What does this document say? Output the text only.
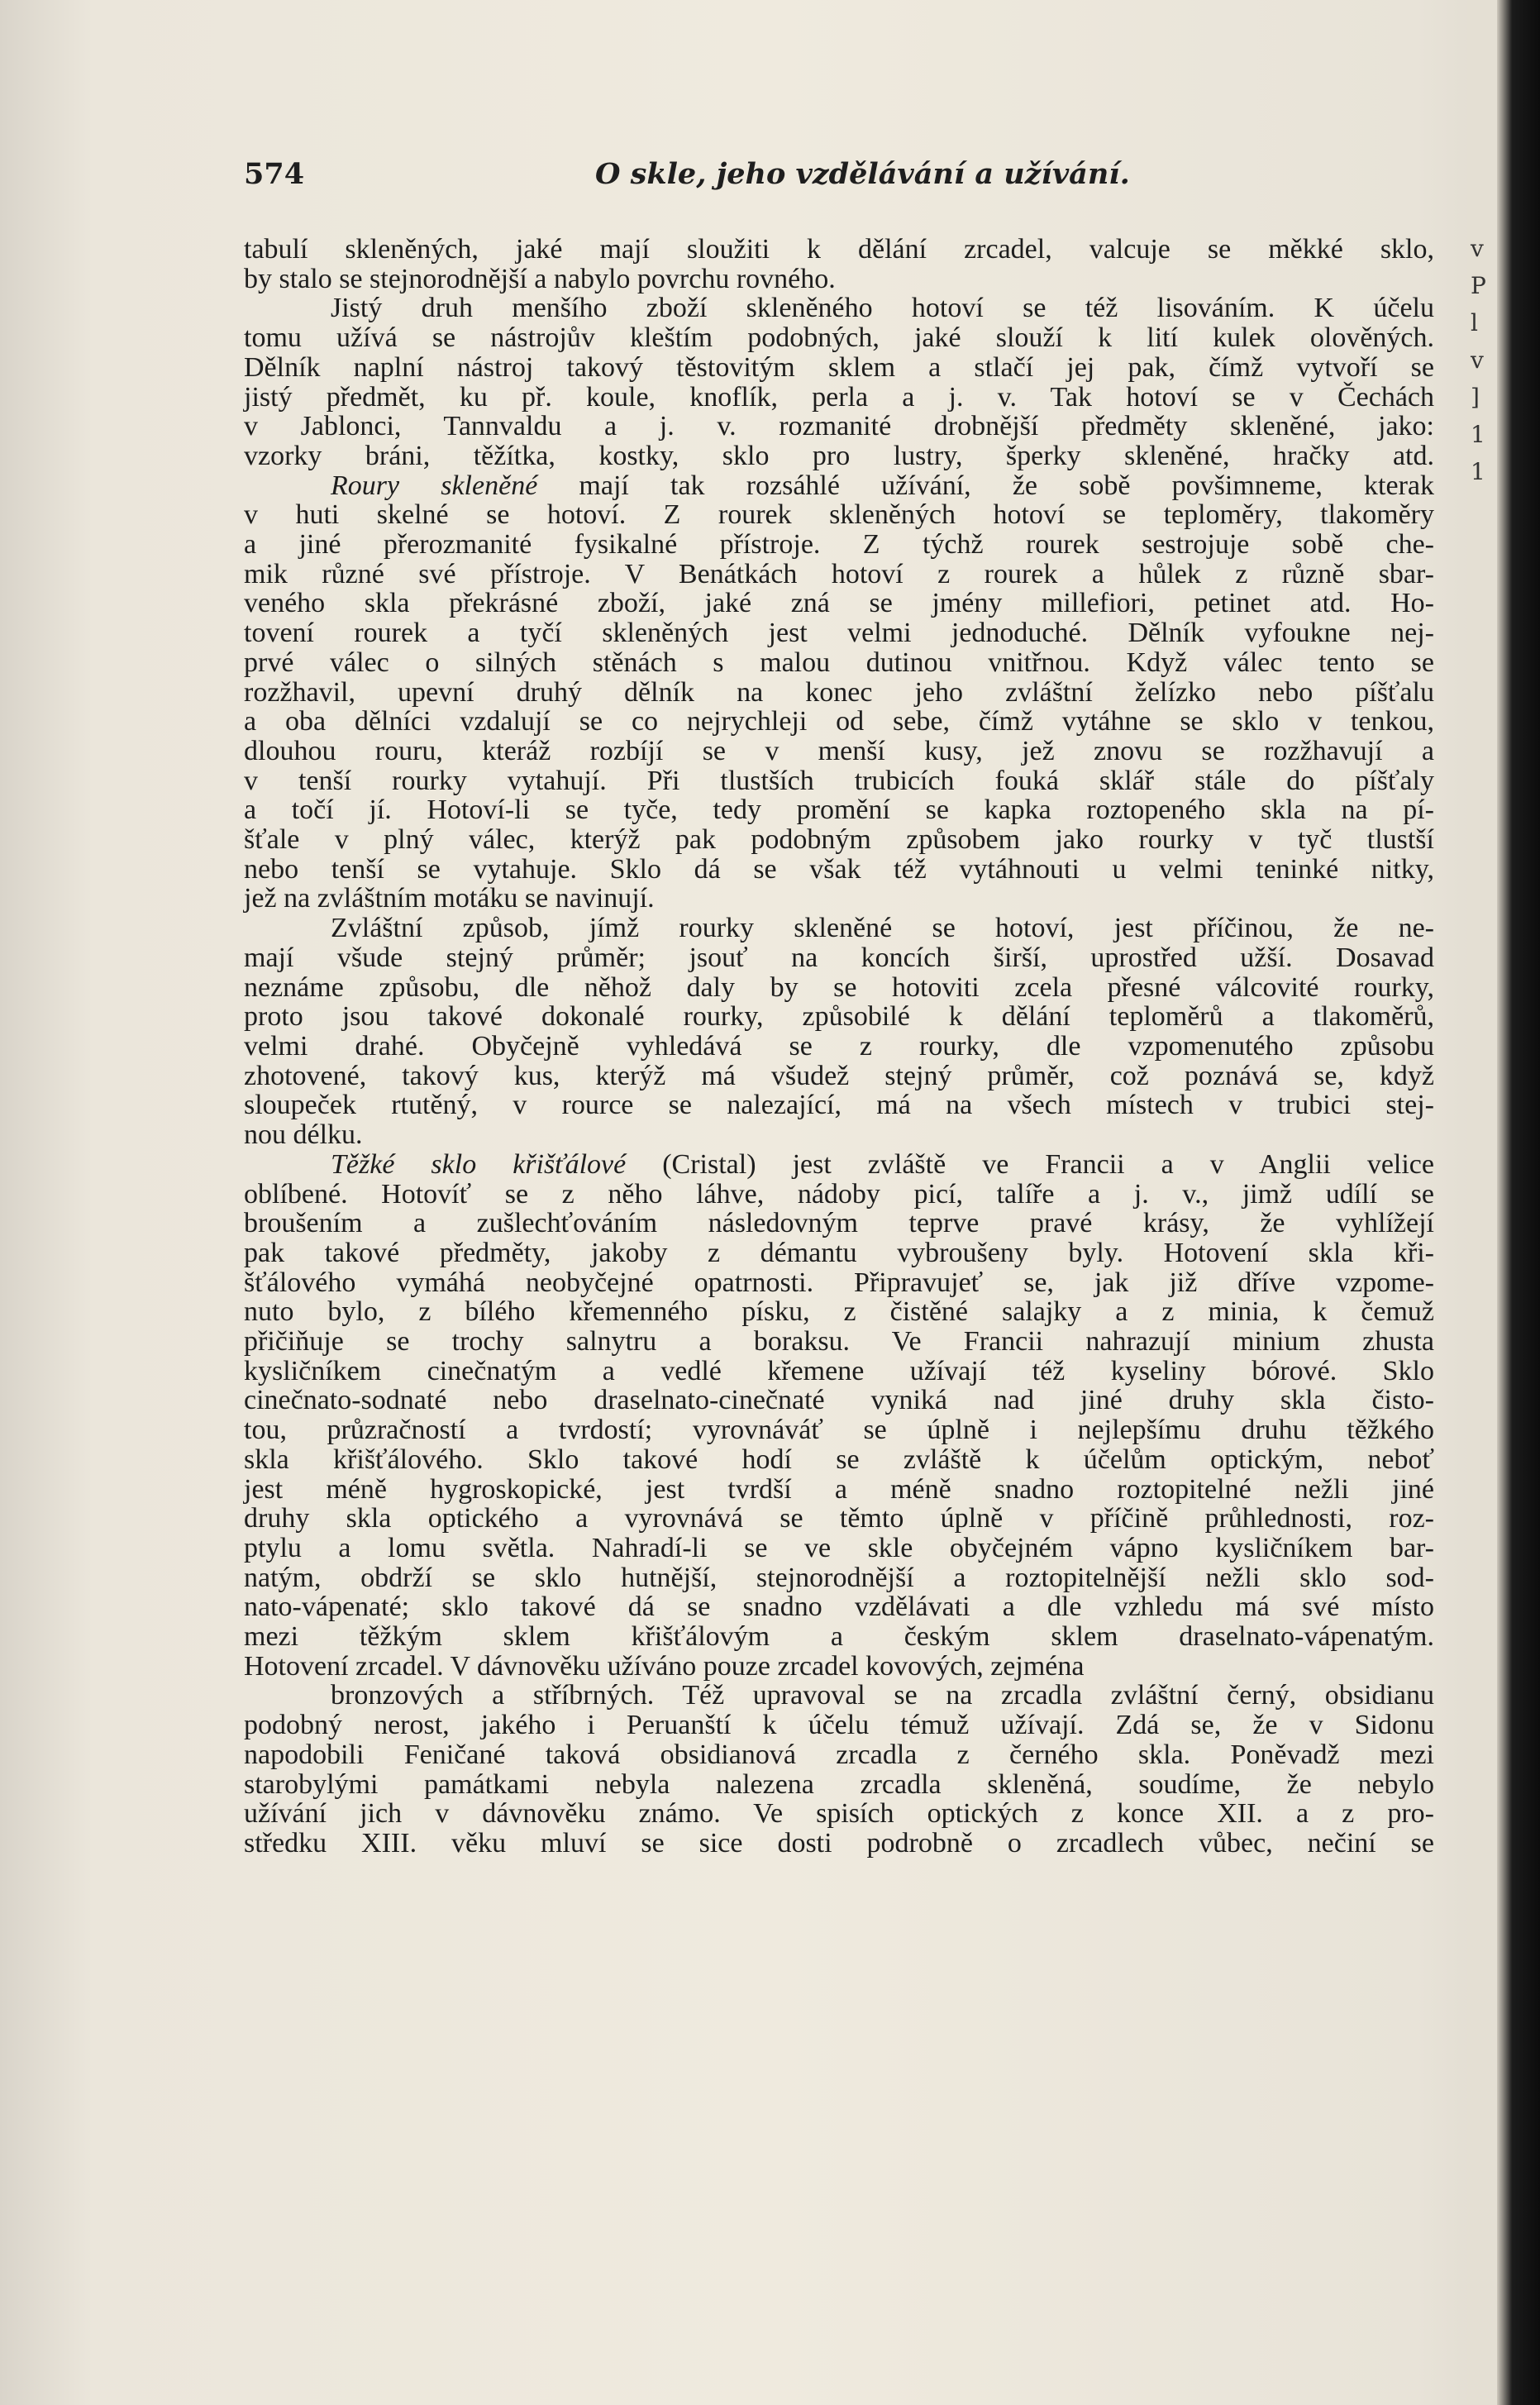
v
P
l
v
]
1
1
574	O skle, jeho vzdělávání a užívání.
tabulí skleněných, jaké mají sloužiti k dělání zrcadel, valcuje se měkké sklo,
by stalo se stejnorodnější a nabylo povrchu rovného.
Jistý druh menšího zboží skleněného hotoví se též lisováním. K účelu
tomu užívá se nástrojův kleštím podobných, jaké slouží k lití kulek olověných.
Dělník naplní nástroj takový těstovitým sklem a stlačí jej pak, čímž vytvoří se
jistý předmět, ku př. koule, knoflík, perla a j. v. Tak hotoví se v Čechách
v Jablonci, Tannvaldu a j. v. rozmanité drobnější předměty skleněné, jako:
vzorky bráni, těžítka, kostky, sklo pro lustry, šperky skleněné, hračky atd.
Roury skleněné mají tak rozsáhlé užívání, že sobě povšimneme, kterak
v huti skelné se hotoví. Z rourek skleněných hotoví se teploměry, tlakoměry
a jiné přerozmanité fysikalné přístroje. Z týchž rourek sestrojuje sobě che-
mik různé své přístroje. V Benátkách hotoví z rourek a hůlek z různě sbar-
veného skla překrásné zboží, jaké zná se jmény millefiori, petinet atd. Ho-
tovení rourek a tyčí skleněných jest velmi jednoduché. Dělník vyfoukne nej-
prvé válec o silných stěnách s malou dutinou vnitřnou. Když válec tento se
rozžhavil, upevní druhý dělník na konec jeho zvláštní želízko nebo píšťalu
a oba dělníci vzdalují se co nejrychleji od sebe, čímž vytáhne se sklo v tenkou,
dlouhou rouru, kteráž rozbíjí se v menší kusy, jež znovu se rozžhavují a
v tenší rourky vytahují. Při tlustších trubicích fouká sklář stále do píšťaly
a točí jí. Hotoví-li se tyče, tedy promění se kapka roztopeného skla na pí-
šťale v plný válec, kterýž pak podobným způsobem jako rourky v tyč tlustší
nebo tenší se vytahuje. Sklo dá se však též vytáhnouti u velmi teninké nitky,
jež na zvláštním motáku se navinují.
Zvláštní způsob, jímž rourky skleněné se hotoví, jest příčinou, že ne-
mají všude stejný průměr; jsouť na koncích širší, uprostřed užší. Dosavad
neznáme způsobu, dle něhož daly by se hotoviti zcela přesné válcovité rourky,
proto jsou takové dokonalé rourky, způsobilé k dělání teploměrů a tlakoměrů,
velmi drahé. Obyčejně vyhledává se z rourky, dle vzpomenutého způsobu
zhotovené, takový kus, kterýž má všudež stejný průměr, což poznává se, když
sloupeček rtutěný, v rource se nalezající, má na všech místech v trubici stej-
nou délku.
Těžké sklo křišťálové (Cristal) jest zvláště ve Francii a v Anglii velice
oblíbené. Hotovíť se z něho láhve, nádoby picí, talíře a j. v., jimž udílí se
broušením a zušlechťováním následovným teprve pravé krásy, že vyhlížejí
pak takové předměty, jakoby z démantu vybroušeny byly. Hotovení skla kři-
šťálového vymáhá neobyčejné opatrnosti. Připravujeť se, jak již dříve vzpome-
nuto bylo, z bílého křemenného písku, z čistěné salajky a z minia, k čemuž
přičiňuje se trochy salnytru a boraksu. Ve Francii nahrazují minium zhusta
kysličníkem cinečnatým a vedlé křemene užívají též kyseliny bórové. Sklo
cinečnato-sodnaté nebo draselnato-cinečnaté vyniká nad jiné druhy skla čisto-
tou, průzračností a tvrdostí; vyrovnáváť se úplně i nejlepšímu druhu těžkého
skla křišťálového. Sklo takové hodí se zvláště k účelům optickým, neboť
jest méně hygroskopické, jest tvrdší a méně snadno roztopitelné nežli jiné
druhy skla optického a vyrovnává se těmto úplně v příčině průhlednosti, roz-
ptylu a lomu světla. Nahradí-li se ve skle obyčejném vápno kysličníkem bar-
natým, obdrží se sklo hutnější, stejnorodnější a roztopitelnější nežli sklo sod-
nato-vápenaté; sklo takové dá se snadno vzdělávati a dle vzhledu má své místo
mezi těžkým sklem křišťálovým a českým sklem draselnato-vápenatým.
Hotovení zrcadel. V dávnověku užíváno pouze zrcadel kovových, zejména
bronzových a stříbrných. Též upravoval se na zrcadla zvláštní černý, obsidianu
podobný nerost, jakého i Peruanští k účelu témuž užívají. Zdá se, že v Sidonu
napodobili Feničané taková obsidianová zrcadla z černého skla. Poněvadž mezi
starobylými památkami nebyla nalezena zrcadla skleněná, soudíme, že nebylo
užívání jich v dávnověku známo. Ve spisích optických z konce XII. a z pro-
středku XIII. věku mluví se sice dosti podrobně o zrcadlech vůbec, nečiní se
